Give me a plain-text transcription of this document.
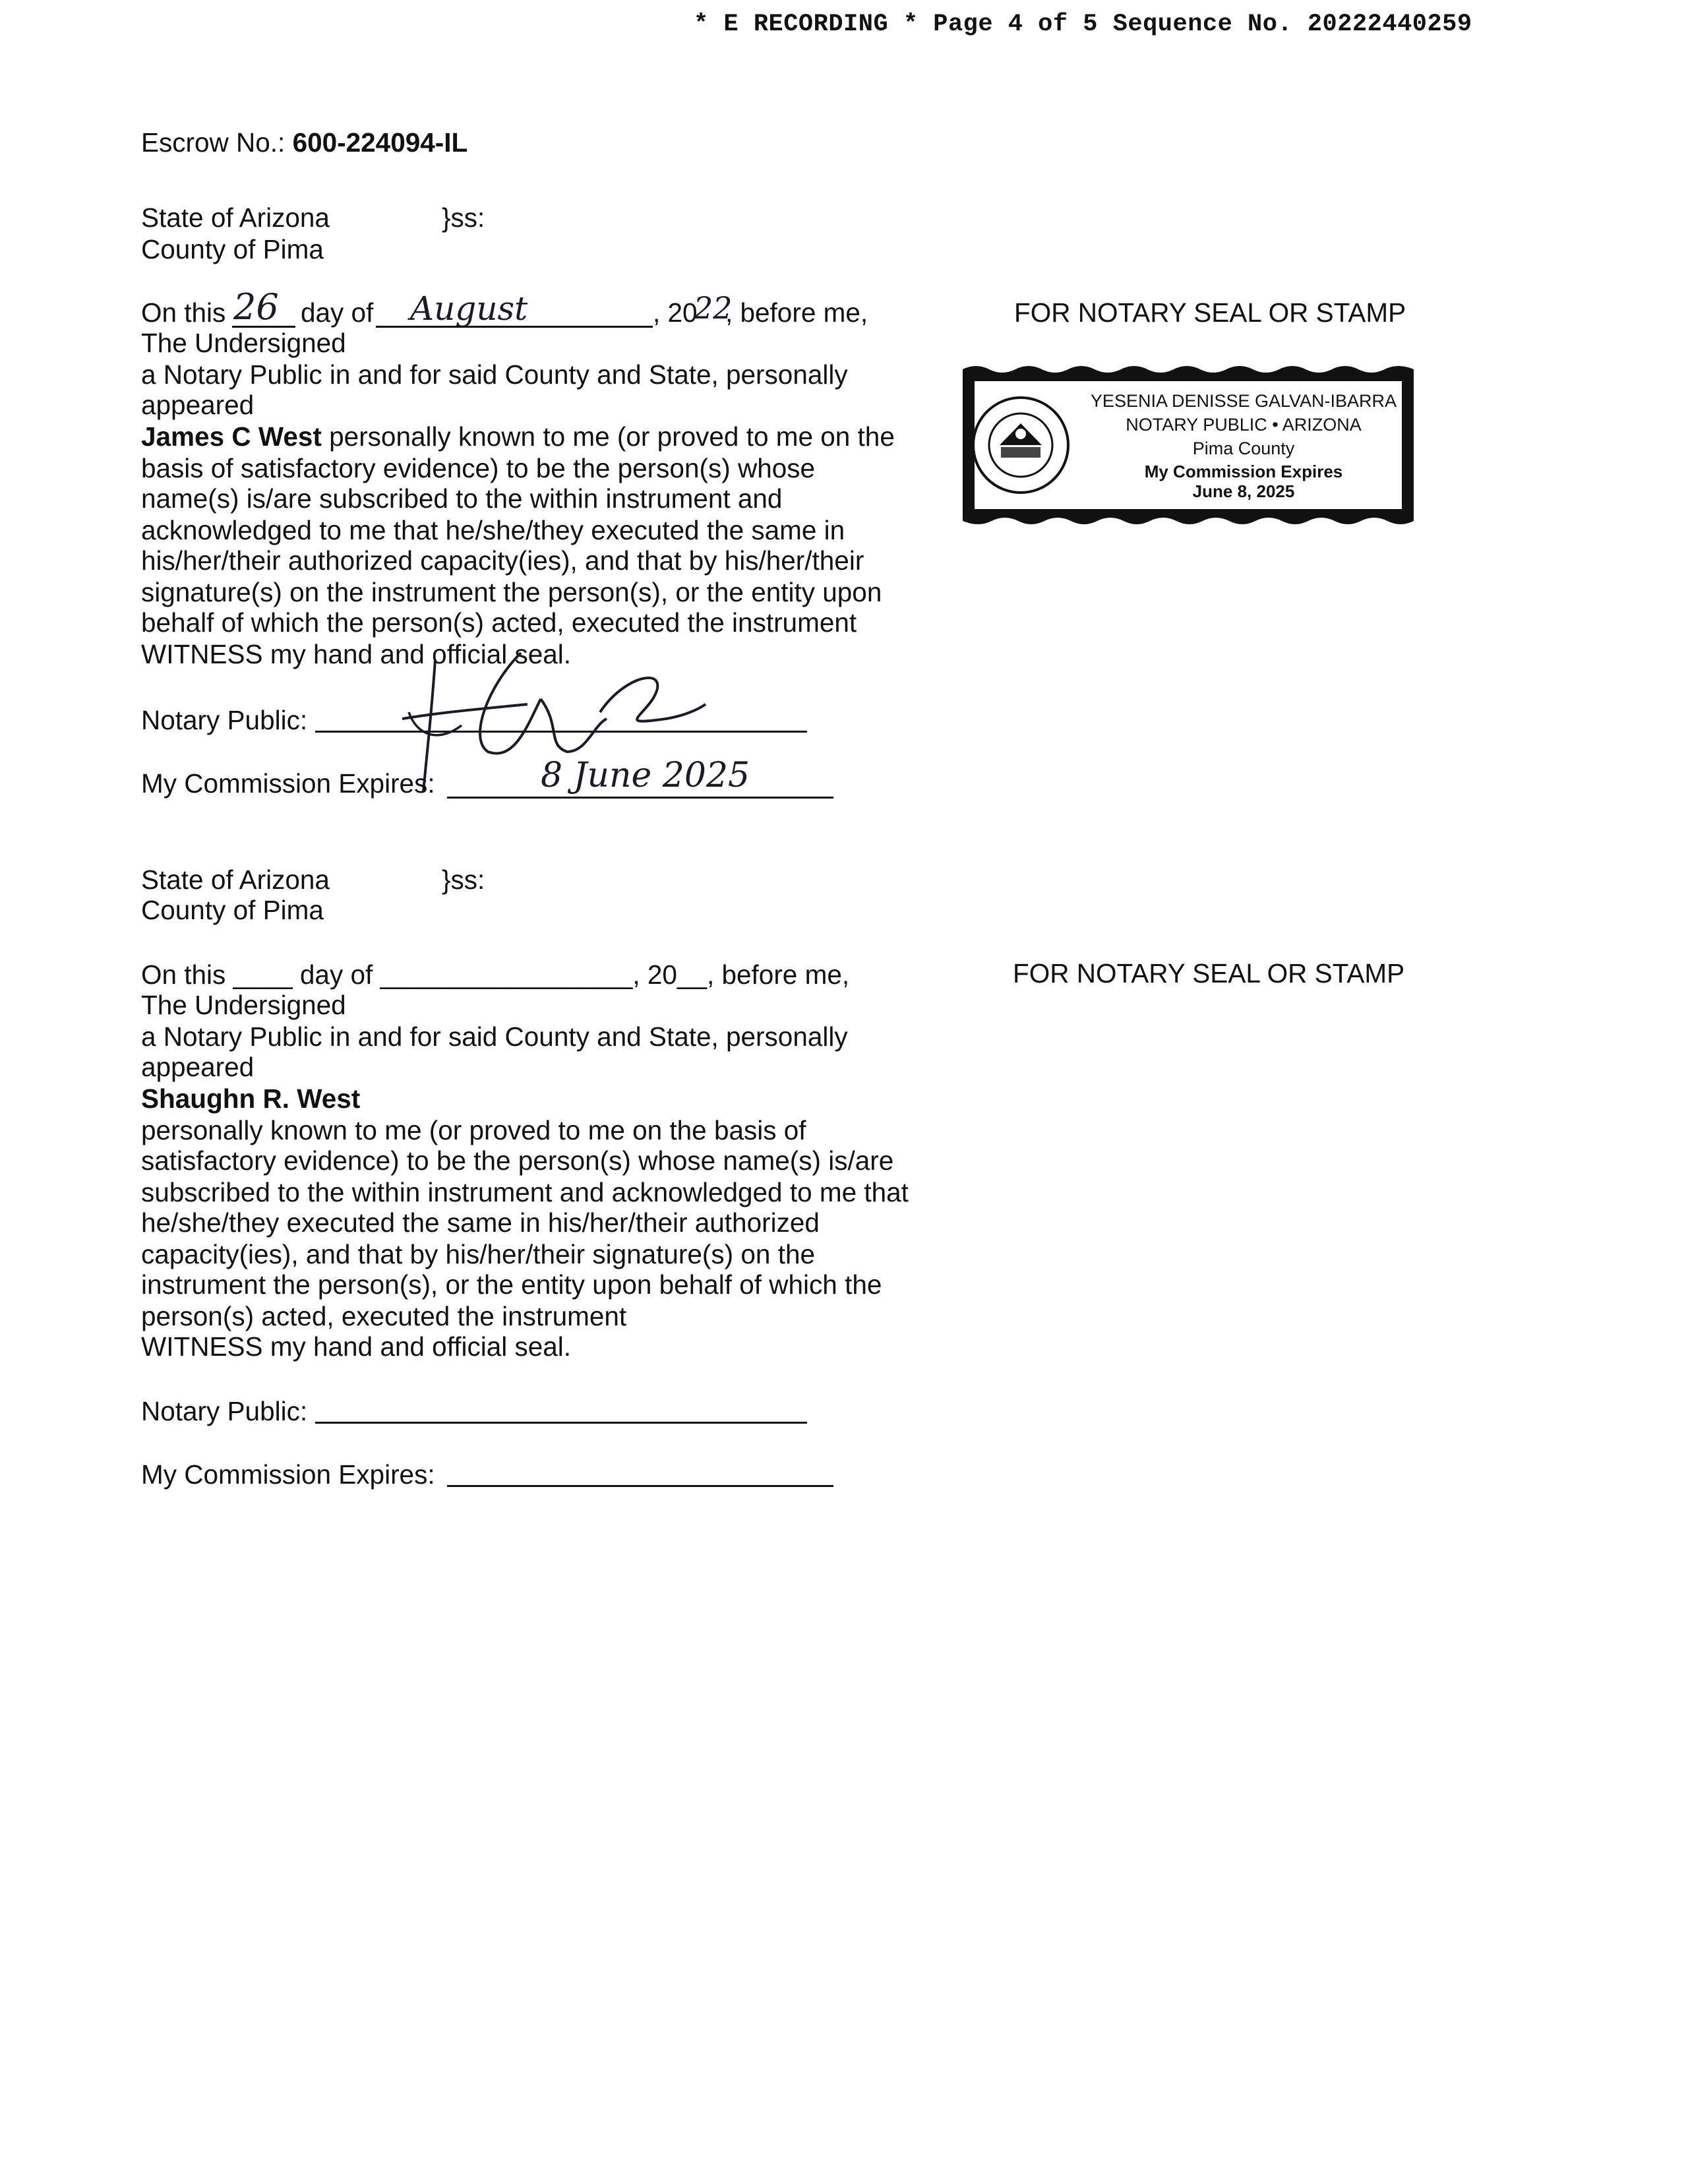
* E RECORDING * Page 4 of 5 Sequence No. 20222440259
Escrow No.: 600-224094-IL
State of Arizona	}ss:
County of Pima
On this 26 day of August	, 20
22
, before me,
The Undersigned
a Notary Public in and for said County and State, personally
appeared
James C West personally known to me (or proved to me on the
basis of satisfactory evidence) to be the person(s) whose
name(s) is/are subscribed to the within instrument and
acknowledged to me that he/she/they executed the same in
his/her/their authorized capacity(ies), and that by his/her/their
signature(s) on the instrument the person(s), or the entity upon
behalf of which the person(s) acted, executed the instrument
WITNESS my hand and official seal.
Notary Public:
My Commission Expires:	8 June 2025
FOR NOTARY SEAL OR STAMP
YESENIA DENISSE GALVAN-IBARRA
NOTARY PUBLIC • ARIZONA
Pima County
My Commission Expires
June 8, 2025
State of Arizona	}ss:
County of Pima
On this ____ day of _________________, 20__, before me,
The Undersigned
a Notary Public in and for said County and State, personally
appeared
Shaughn R. West
personally known to me (or proved to me on the basis of
satisfactory evidence) to be the person(s) whose name(s) is/are
subscribed to the within instrument and acknowledged to me that
he/she/they executed the same in his/her/their authorized
capacity(ies), and that by his/her/their signature(s) on the
instrument the person(s), or the entity upon behalf of which the
person(s) acted, executed the instrument
WITNESS my hand and official seal.
Notary Public:
My Commission Expires:
FOR NOTARY SEAL OR STAMP
